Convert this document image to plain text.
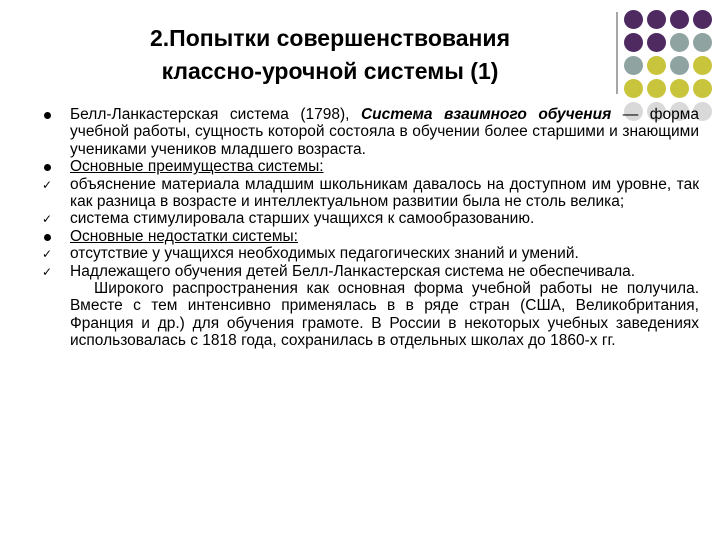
2.Попытки совершенствования
классно-урочной системы (1)
Белл-Ланкастерская система (1798), Система взаимного обучения — форма учебной работы, сущность которой состояла в обучении более старшими и знающими учениками учеников младшего возраста.
Основные преимущества системы:
✓
объяснение материала младшим школьникам давалось на доступном им уровне, так как разница в возрасте и интеллектуальном развитии была не столь велика;
✓
система стимулировала старших учащихся к самообразованию.
Основные недостатки системы:
✓
отсутствие у учащихся необходимых педагогических знаний и умений.
✓
Надлежащего обучения детей Белл-Ланкастерская система не обеспечивала.
Широкого распространения как основная форма учебной работы не получила. Вместе с тем интенсивно применялась в в ряде стран (США, Великобритания, Франция и др.) для обучения грамоте. В России в некоторых учебных заведениях использовалась с 1818 года, сохранилась в отдельных школах до 1860-х гг.
